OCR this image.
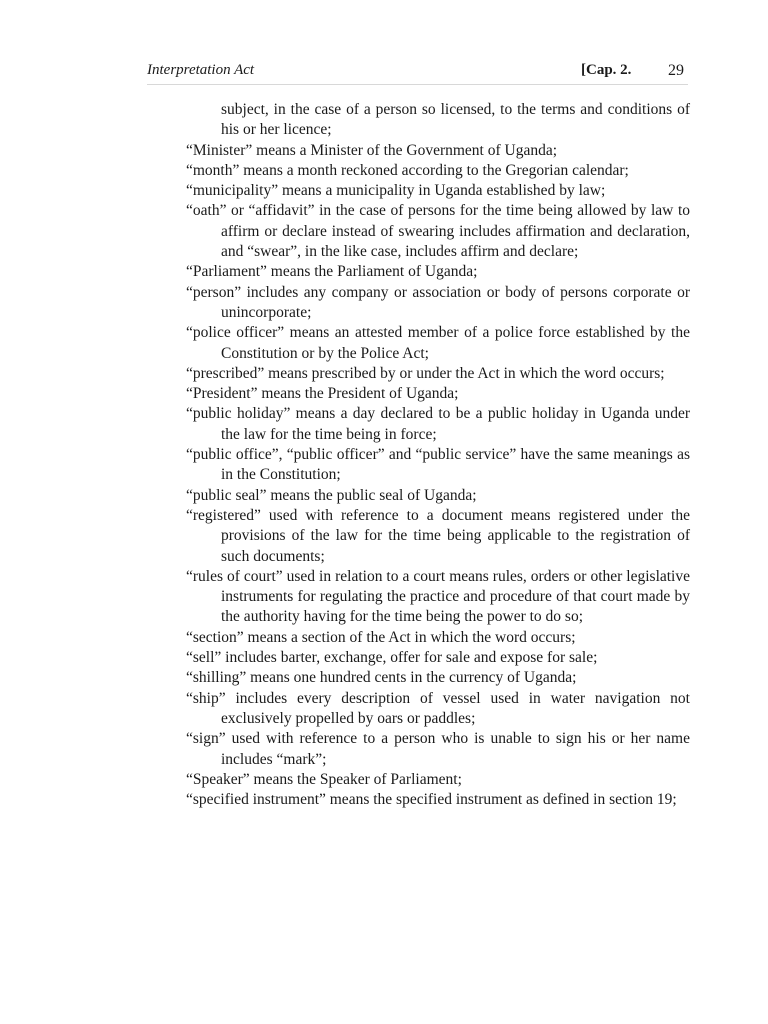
Interpretation Act	[Cap. 2. 29
subject, in the case of a person so licensed, to the terms and conditions of his or her licence;
“Minister” means a Minister of the Government of Uganda;
“month” means a month reckoned according to the Gregorian calendar;
“municipality” means a municipality in Uganda established by law;
“oath” or “affidavit” in the case of persons for the time being allowed by law to affirm or declare instead of swearing includes affirmation and declaration, and “swear”, in the like case, includes affirm and declare;
“Parliament” means the Parliament of Uganda;
“person” includes any company or association or body of persons corporate or unincorporate;
“police officer” means an attested member of a police force established by the Constitution or by the Police Act;
“prescribed” means prescribed by or under the Act in which the word occurs;
“President” means the President of Uganda;
“public holiday” means a day declared to be a public holiday in Uganda under the law for the time being in force;
“public office”, “public officer” and “public service” have the same meanings as in the Constitution;
“public seal” means the public seal of Uganda;
“registered” used with reference to a document means registered under the provisions of the law for the time being applicable to the registration of such documents;
“rules of court” used in relation to a court means rules, orders or other legislative instruments for regulating the practice and procedure of that court made by the authority having for the time being the power to do so;
“section” means a section of the Act in which the word occurs;
“sell” includes barter, exchange, offer for sale and expose for sale;
“shilling” means one hundred cents in the currency of Uganda;
“ship” includes every description of vessel used in water navigation not exclusively propelled by oars or paddles;
“sign” used with reference to a person who is unable to sign his or her name includes “mark”;
“Speaker” means the Speaker of Parliament;
“specified instrument” means the specified instrument as defined in section 19;
